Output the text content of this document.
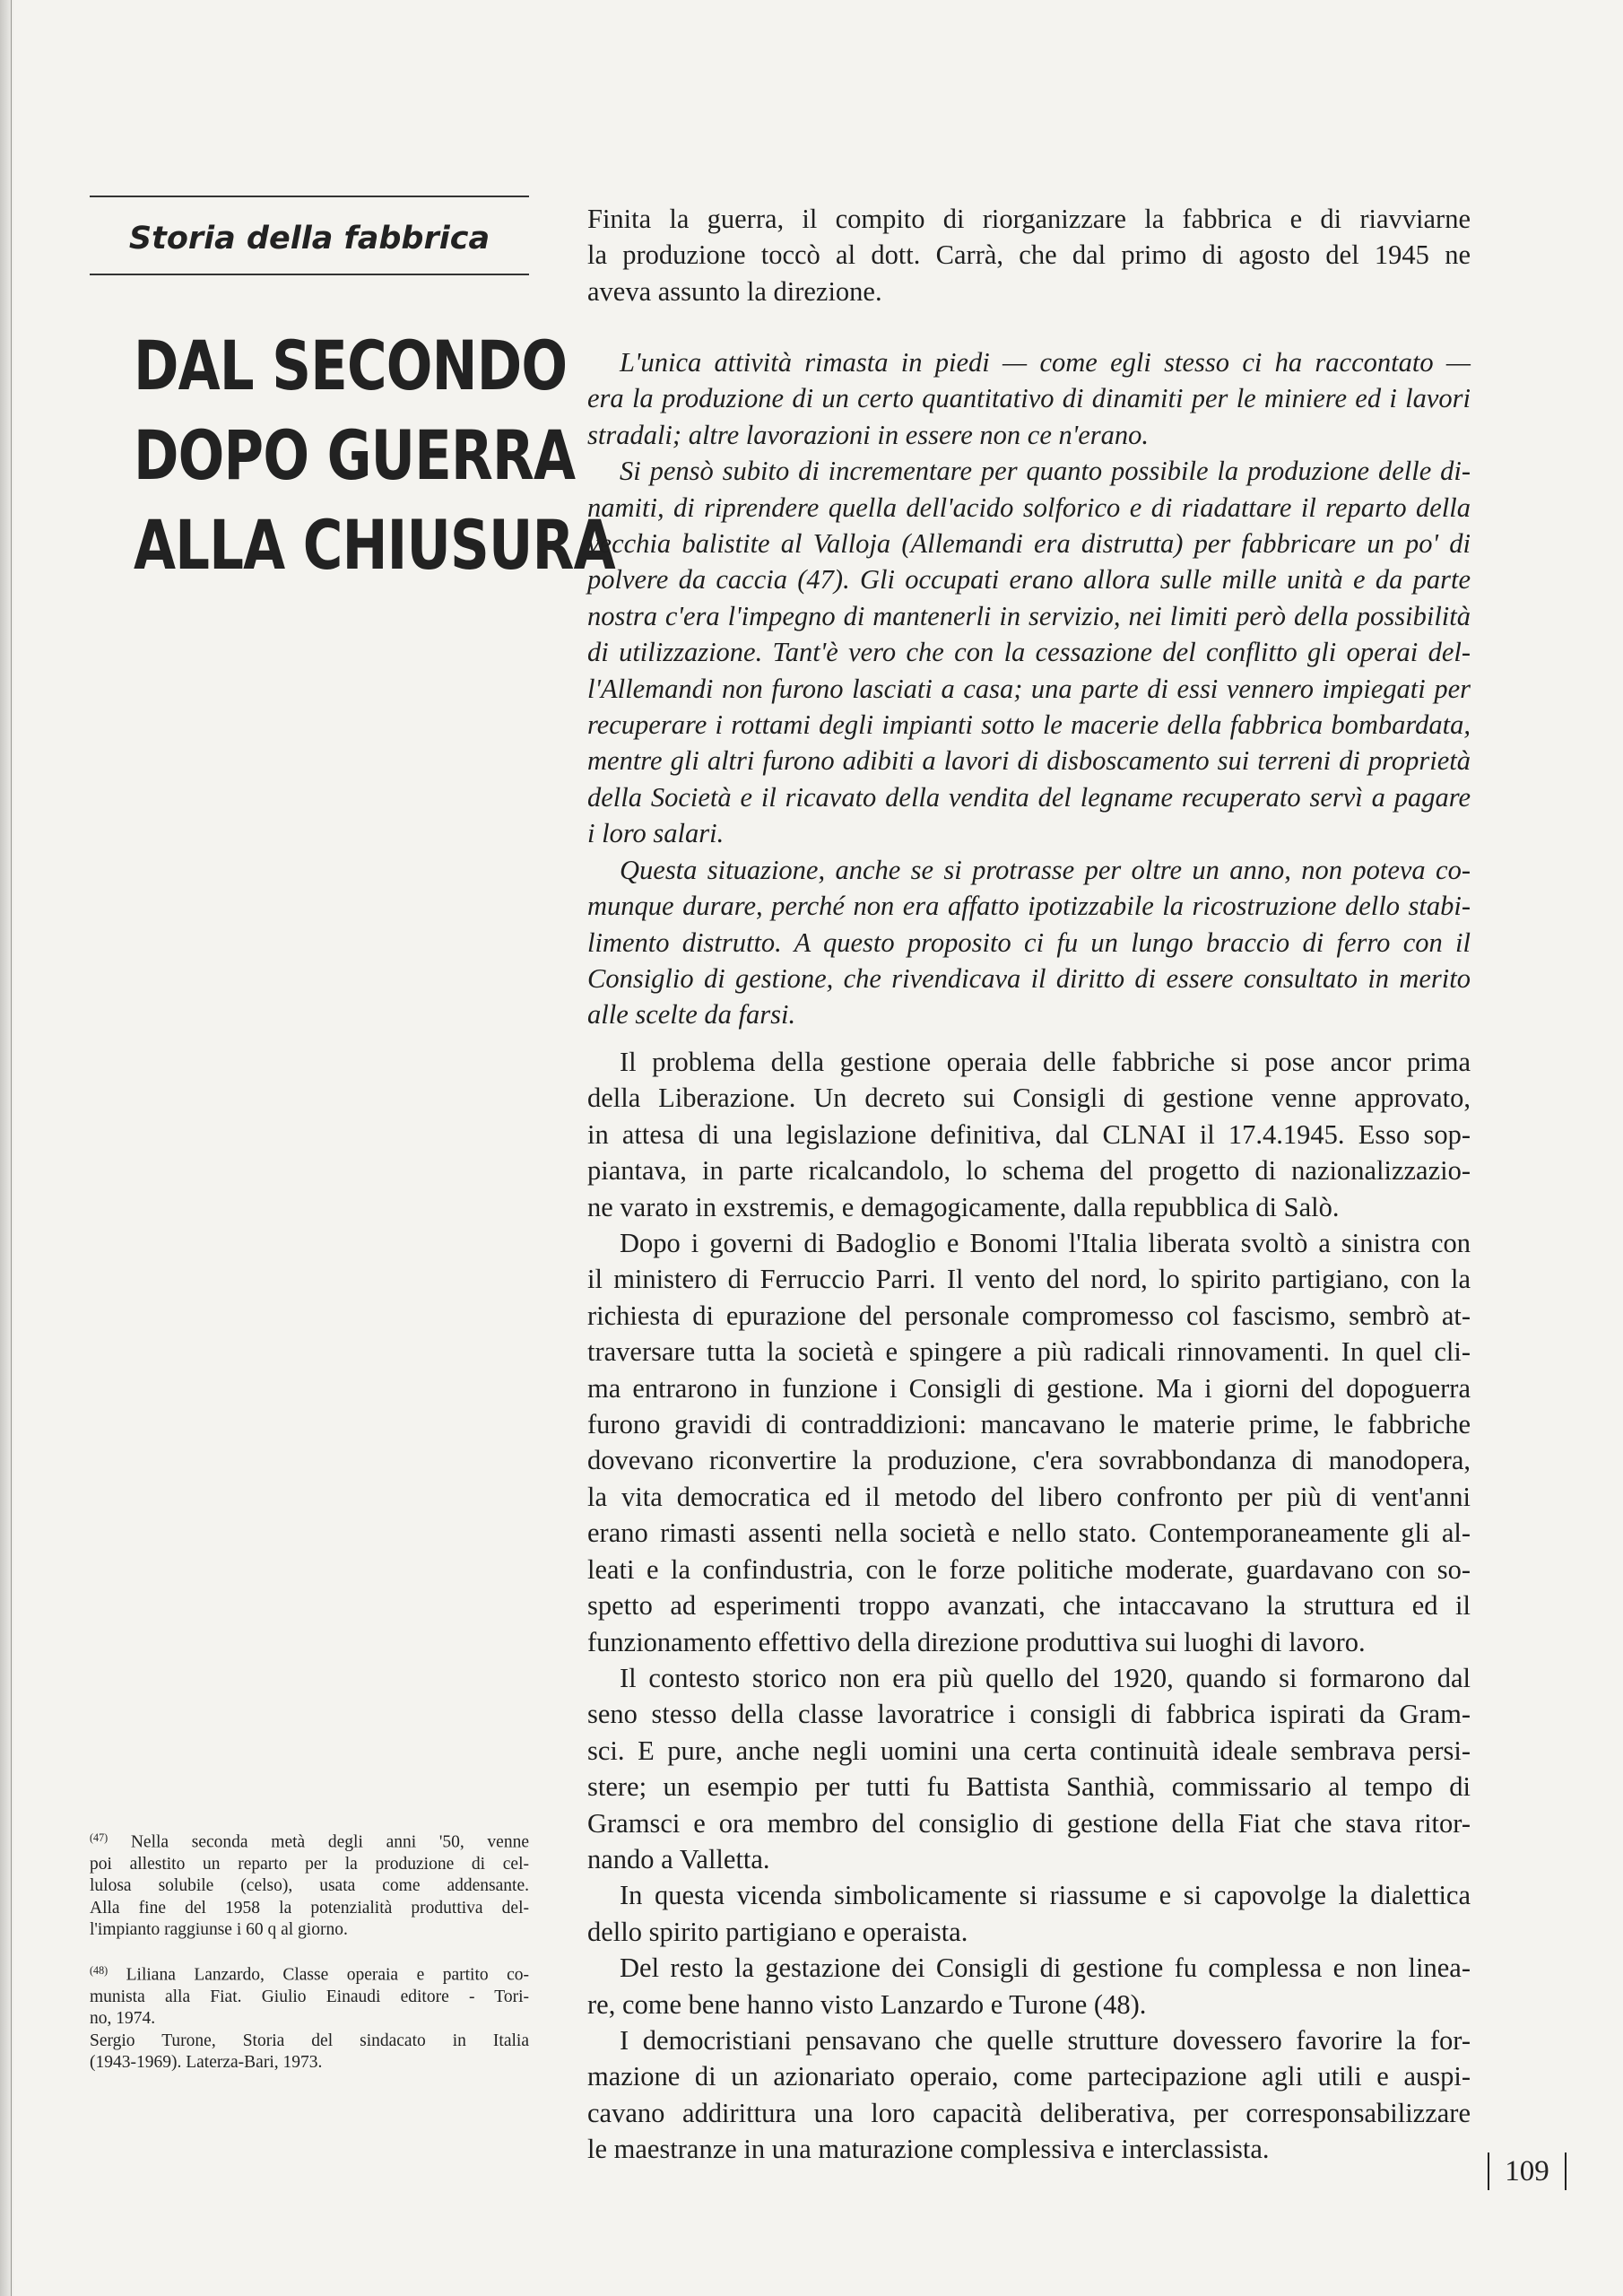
Storia della fabbrica
DAL SECONDO
DOPO GUERRA
ALLA CHIUSURA
Finita la guerra, il compito di riorganizzare la fabbrica e di riavviarne
la produzione toccò al dott. Carrà, che dal primo di agosto del 1945 ne
aveva assunto la direzione.

L'unica attività rimasta in piedi — come egli stesso ci ha raccontato —
era la produzione di un certo quantitativo di dinamiti per le miniere ed i lavori
stradali; altre lavorazioni in essere non ce n'erano.

Si pensò subito di incrementare per quanto possibile la produzione delle di-
namiti, di riprendere quella dell'acido solforico e di riadattare il reparto della
vecchia balistite al Valloja (Allemandi era distrutta) per fabbricare un po' di
polvere da caccia (47). Gli occupati erano allora sulle mille unità e da parte
nostra c'era l'impegno di mantenerli in servizio, nei limiti però della possibilità
di utilizzazione. Tant'è vero che con la cessazione del conflitto gli operai del-
l'Allemandi non furono lasciati a casa; una parte di essi vennero impiegati per
recuperare i rottami degli impianti sotto le macerie della fabbrica bombardata,
mentre gli altri furono adibiti a lavori di disboscamento sui terreni di proprietà
della Società e il ricavato della vendita del legname recuperato servì a pagare
i loro salari.

Questa situazione, anche se si protrasse per oltre un anno, non poteva co-
munque durare, perché non era affatto ipotizzabile la ricostruzione dello stabi-
limento distrutto. A questo proposito ci fu un lungo braccio di ferro con il
Consiglio di gestione, che rivendicava il diritto di essere consultato in merito
alle scelte da farsi.

Il problema della gestione operaia delle fabbriche si pose ancor prima
della Liberazione. Un decreto sui Consigli di gestione venne approvato,
in attesa di una legislazione definitiva, dal CLNAI il 17.4.1945. Esso sop-
piantava, in parte ricalcandolo, lo schema del progetto di nazionalizzazio-
ne varato in exstremis, e demagogicamente, dalla repubblica di Salò.

Dopo i governi di Badoglio e Bonomi l'Italia liberata svoltò a sinistra con
il ministero di Ferruccio Parri. Il vento del nord, lo spirito partigiano, con la
richiesta di epurazione del personale compromesso col fascismo, sembrò at-
traversare tutta la società e spingere a più radicali rinnovamenti. In quel cli-
ma entrarono in funzione i Consigli di gestione. Ma i giorni del dopoguerra
furono gravidi di contraddizioni: mancavano le materie prime, le fabbriche
dovevano riconvertire la produzione, c'era sovrabbondanza di manodopera,
la vita democratica ed il metodo del libero confronto per più di vent'anni
erano rimasti assenti nella società e nello stato. Contemporaneamente gli al-
leati e la confindustria, con le forze politiche moderate, guardavano con so-
spetto ad esperimenti troppo avanzati, che intaccavano la struttura ed il
funzionamento effettivo della direzione produttiva sui luoghi di lavoro.

Il contesto storico non era più quello del 1920, quando si formarono dal
seno stesso della classe lavoratrice i consigli di fabbrica ispirati da Gram-
sci. E pure, anche negli uomini una certa continuità ideale sembrava persi-
stere; un esempio per tutti fu Battista Santhià, commissario al tempo di
Gramsci e ora membro del consiglio di gestione della Fiat che stava ritor-
nando a Valletta.

In questa vicenda simbolicamente si riassume e si capovolge la dialettica
dello spirito partigiano e operaista.

Del resto la gestazione dei Consigli di gestione fu complessa e non linea-
re, come bene hanno visto Lanzardo e Turone (48).

I democristiani pensavano che quelle strutture dovessero favorire la for-
mazione di un azionariato operaio, come partecipazione agli utili e auspi-
cavano addirittura una loro capacità deliberativa, per corresponsabilizzare
le maestranze in una maturazione complessiva e interclassista.

$^{(47)}$ Nella seconda metà degli anni '50, venne
poi allestito un reparto per la produzione di cel-
lulosa solubile (celso), usata come addensante.
Alla fine del 1958 la potenzialità produttiva del-
l'impianto raggiunse i 60 q al giorno.
$^{(48)}$ Liliana Lanzardo, Classe operaia e partito co-
munista alla Fiat. Giulio Einaudi editore - Tori-
no, 1974.
Sergio Turone, Storia del sindacato in Italia
(1943-1969). Laterza-Bari, 1973.
109
